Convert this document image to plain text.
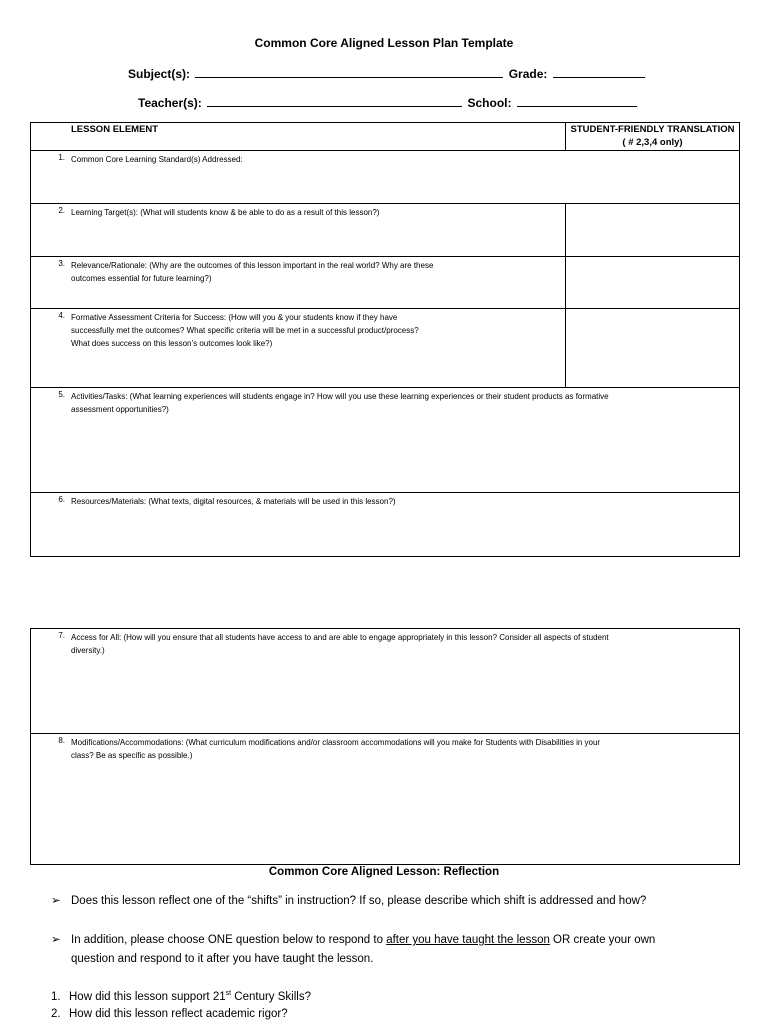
Common Core Aligned Lesson Plan Template
Subject(s):	Grade:
Teacher(s):	School:
LESSON ELEMENT	STUDENT-FRIENDLY TRANSLATION
( # 2,3,4 only)

1. Common Core Learning Standard(s) Addressed:	
2. Learning Target(s): (What will students know & be able to do as a result of this lesson?)	
3. Relevance/Rationale: (Why are the outcomes of this lesson important in the real world? Why are these
outcomes essential for future learning?)	
4. Formative Assessment Criteria for Success: (How will you & your students know if they have
successfully met the outcomes? What specific criteria will be met in a successful product/process?
What does success on this lesson’s outcomes look like?)	
5. Activities/Tasks: (What learning experiences will students engage in? How will you use these learning experiences or their student products as formative
assessment opportunities?)	
6. Resources/Materials: (What texts, digital resources, & materials will be used in this lesson?)	
7. Access for All: (How will you ensure that all students have access to and are able to engage appropriately in this lesson? Consider all aspects of student
diversity.)
8. Modifications/Accommodations: (What curriculum modifications and/or classroom accommodations will you make for Students with Disabilities in your
class? Be as specific as possible.)
Common Core Aligned Lesson: Reflection
➢ Does this lesson reflect one of the “shifts” in instruction? If so, please describe which shift is addressed and how?
➢ In addition, please choose ONE question below to respond to after you have taught the lesson OR create your own
question and respond to it after you have taught the lesson.
1. How did this lesson support 21st Century Skills?
2. How did this lesson reflect academic rigor?
